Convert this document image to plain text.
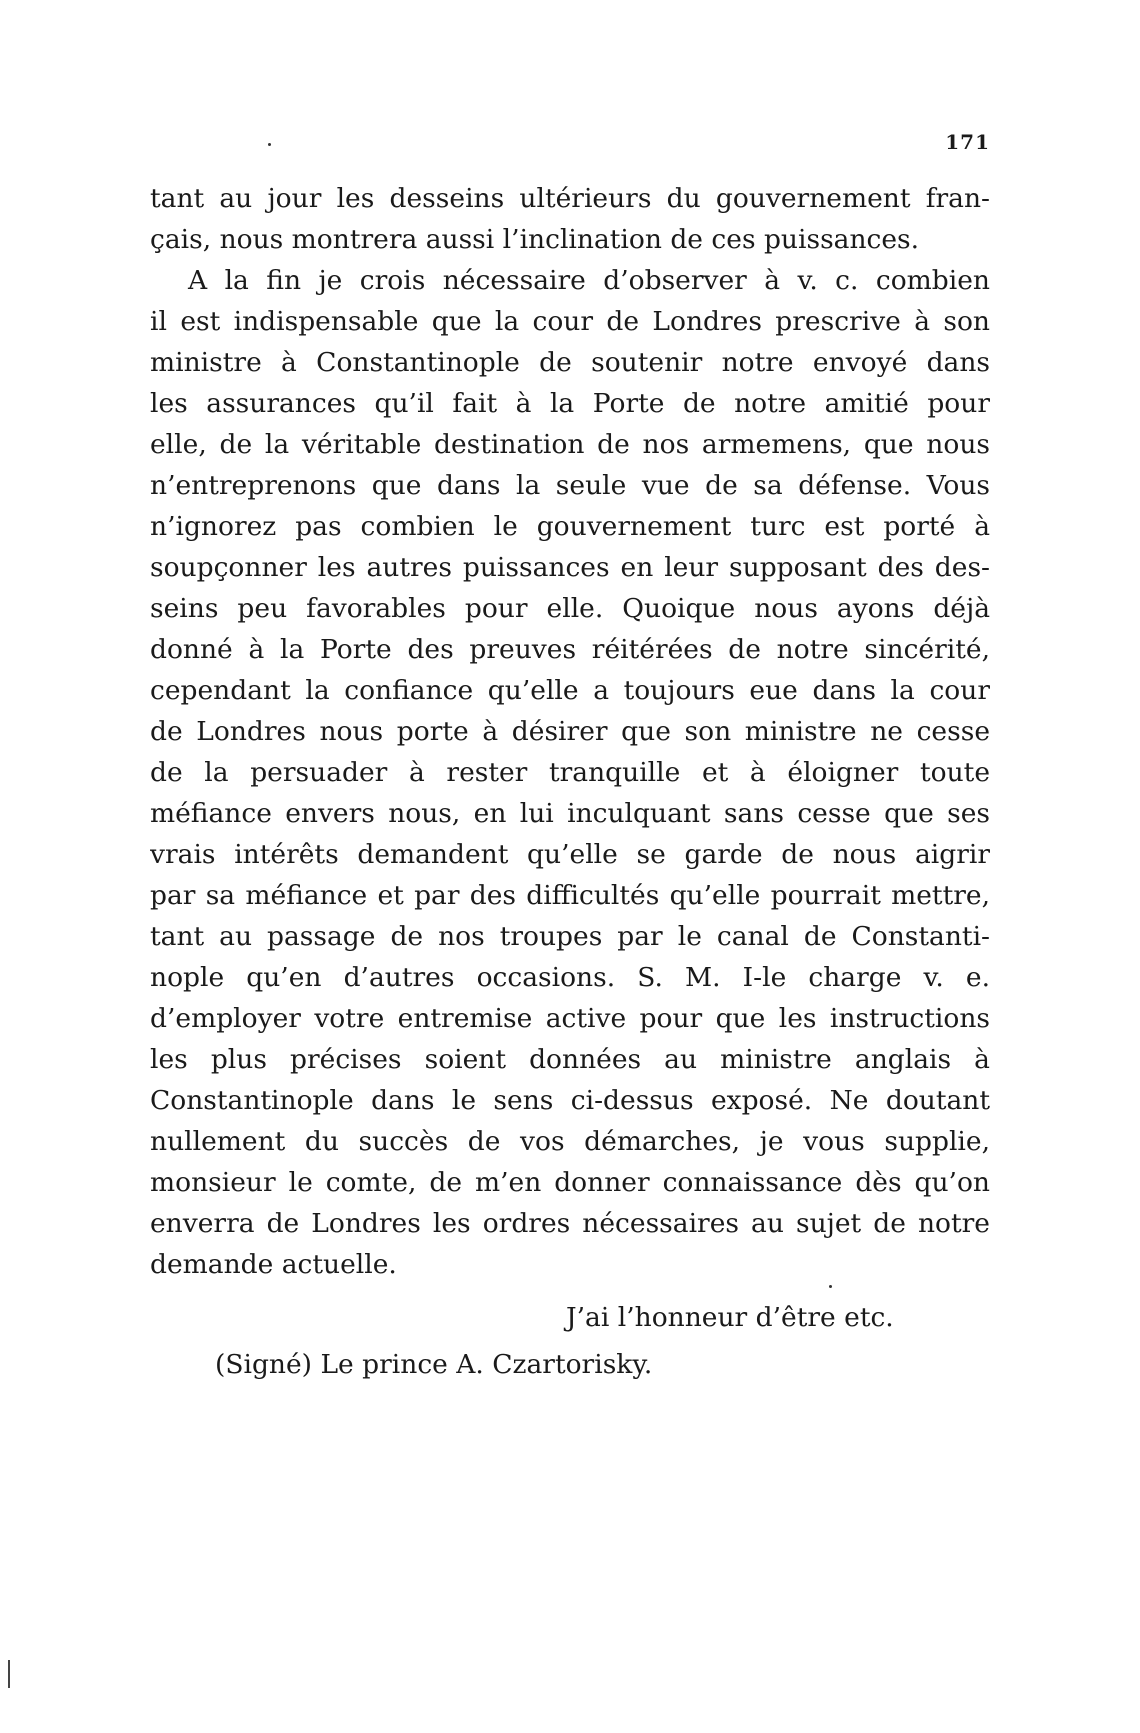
171
tant au jour les desseins ultérieurs du gouvernement fran-
çais, nous montrera aussi l’inclination de ces puissances.
A la fin je crois nécessaire d’observer à v. c. combien
il est indispensable que la cour de Londres prescrive à son
ministre à Constantinople de soutenir notre envoyé dans
les assurances qu’il fait à la Porte de notre amitié pour
elle, de la véritable destination de nos armemens, que nous
n’entreprenons que dans la seule vue de sa défense. Vous
n’ignorez pas combien le gouvernement turc est porté à
soupçonner les autres puissances en leur supposant des des-
seins peu favorables pour elle. Quoique nous ayons déjà
donné à la Porte des preuves réitérées de notre sincérité,
cependant la confiance qu’elle a toujours eue dans la cour
de Londres nous porte à désirer que son ministre ne cesse
de la persuader à rester tranquille et à éloigner toute
méfiance envers nous, en lui inculquant sans cesse que ses
vrais intérêts demandent qu’elle se garde de nous aigrir
par sa méfiance et par des difficultés qu’elle pourrait mettre,
tant au passage de nos troupes par le canal de Constanti-
nople qu’en d’autres occasions. S. M. I-le charge v. e.
d’employer votre entremise active pour que les instructions
les plus précises soient données au ministre anglais à
Constantinople dans le sens ci-dessus exposé. Ne doutant
nullement du succès de vos démarches, je vous supplie,
monsieur le comte, de m’en donner connaissance dès qu’on
enverra de Londres les ordres nécessaires au sujet de notre
demande actuelle.
J’ai l’honneur d’être etc.
(Signé) Le prince A. Czartorisky.
